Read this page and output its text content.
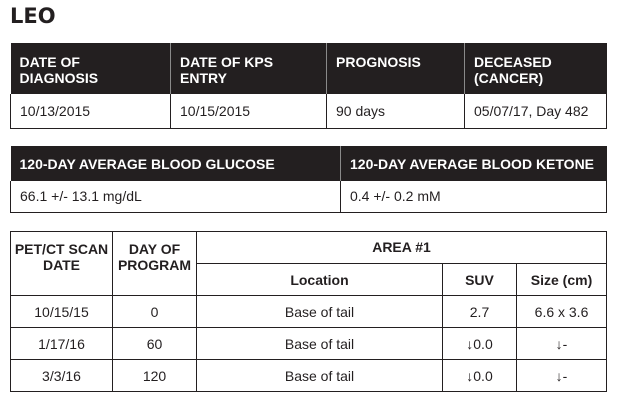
LEO
DATE OF DIAGNOSIS	DATE OF KPS ENTRY	PROGNOSIS	DECEASED (CANCER)
10/13/2015	10/15/2015	90 days	05/07/17, Day 482
120-DAY AVERAGE BLOOD GLUCOSE	120-DAY AVERAGE BLOOD KETONE
66.1 +/- 13.1 mg/dL	0.4 +/- 0.2 mM
PET/CT SCAN DATE	DAY OF PROGRAM	AREA #1		
		Location	SUV	Size (cm)
10/15/15	0	Base of tail	2.7	6.6 x 3.6
1/17/16	60	Base of tail	↓0.0	↓-
3/3/16	120	Base of tail	↓0.0	↓-
